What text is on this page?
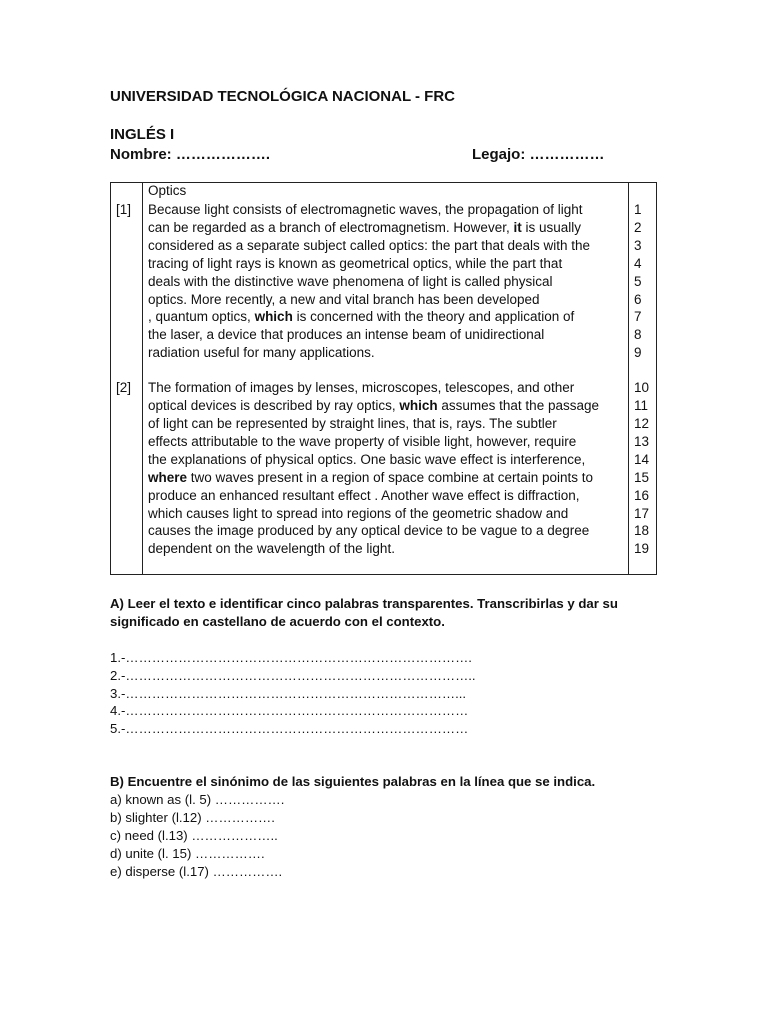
UNIVERSIDAD TECNOLÓGICA NACIONAL - FRC
INGLÉS I
Nombre: ……………….	Legajo: ……………
Optics
[1]
[2]
Because light consists of electromagnetic waves, the propagation of light
can be regarded as a branch of electromagnetism. However, it is usually
considered as a separate subject called optics: the part that deals with the
tracing of light rays is known as geometrical optics, while the part that
deals with the distinctive wave phenomena of light is called physical
optics. More recently, a new and vital branch has been developed
, quantum optics, which is concerned with the theory and application of
the laser, a device that produces an intense beam of unidirectional
radiation useful for many applications.
The formation of images by lenses, microscopes, telescopes, and other
optical devices is described by ray optics, which assumes that the passage
of light can be represented by straight lines, that is, rays. The subtler
effects attributable to the wave property of visible light, however, require
the explanations of physical optics. One basic wave effect is interference,
where two waves present in a region of space combine at certain points to
produce an enhanced resultant effect . Another wave effect is diffraction,
which causes light to spread into regions of the geometric shadow and
causes the image produced by any optical device to be vague to a degree
dependent on the wavelength of the light.
1
2
3
4
5
6
7
8
9
10
11
12
13
14
15
16
17
18
19
A) Leer el texto e identificar cinco palabras transparentes. Transcribirlas y dar su
significado en castellano de acuerdo con el contexto.
1.-…………………………………………………………………….
2.-……………………………………………………………………..
3.-…………………………………………………………………...
4.-……………………………………………………………………
5.-……………………………………………………………………
B) Encuentre el sinónimo de las siguientes palabras en la línea que se indica.
a) known as (l. 5) …………….
b) slighter (l.12) …………….
c) need (l.13) ………………..
d) unite (l. 15) …………….
e) disperse (l.17) …………….
